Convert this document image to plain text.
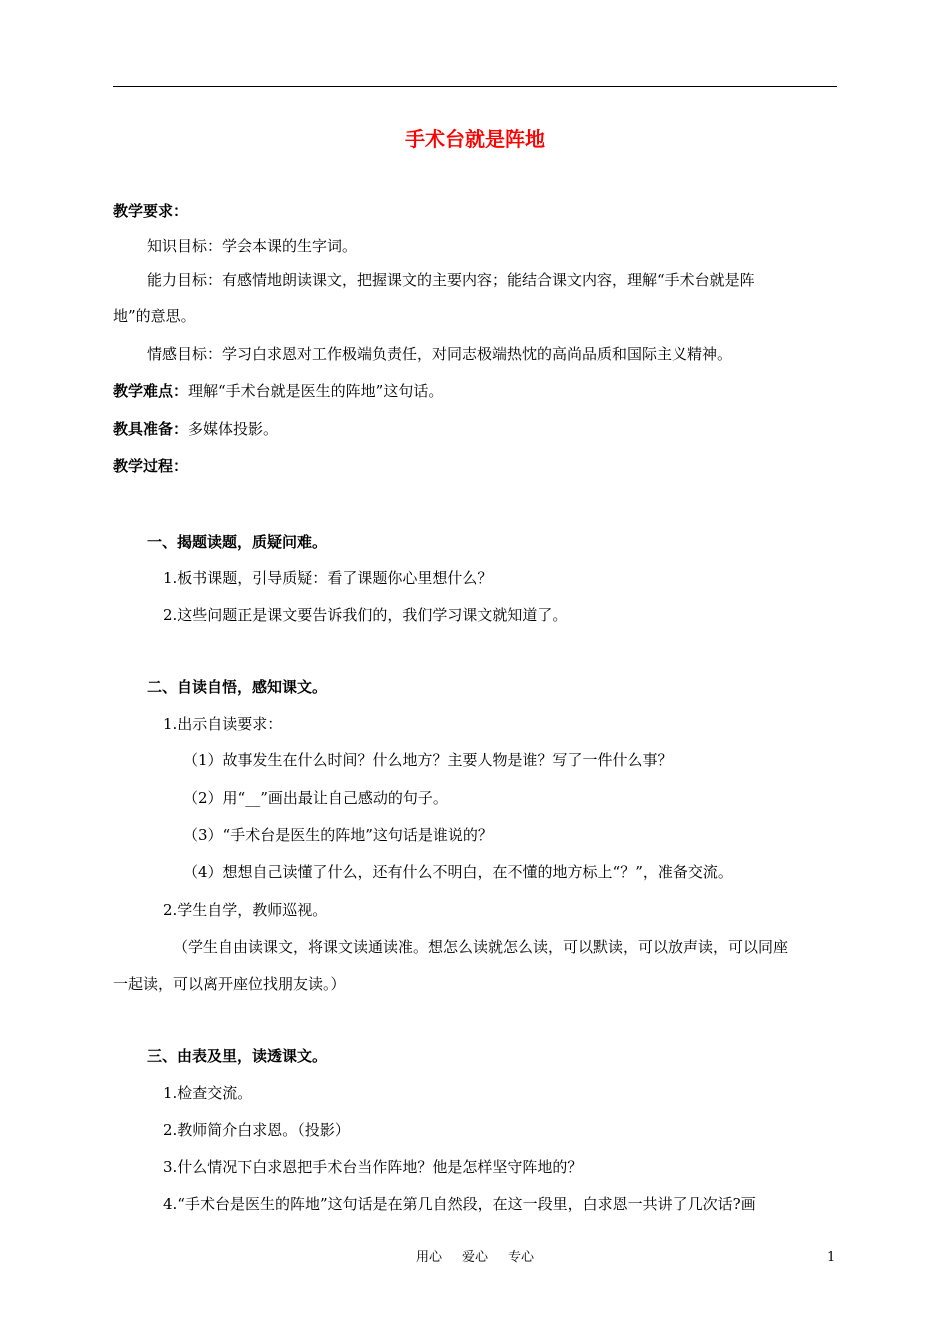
手术台就是阵地
教学要求：
知识目标：学会本课的生字词。
能力目标：有感情地朗读课文，把握课文的主要内容；能结合课文内容，理解“手术台就是阵
地”的意思。
情感目标：学习白求恩对工作极端负责任，对同志极端热忱的高尚品质和国际主义精神。
教学难点：理解“手术台就是医生的阵地”这句话。
教具准备：多媒体投影。
教学过程：
一、揭题读题，质疑问难。
1.板书课题，引导质疑：看了课题你心里想什么？
2.这些问题正是课文要告诉我们的，我们学习课文就知道了。
二、自读自悟，感知课文。
1.出示自读要求：
（1）故事发生在什么时间？什么地方？主要人物是谁？写了一件什么事？
（2）用“__”画出最让自己感动的句子。
（3）“手术台是医生的阵地”这句话是谁说的？
（4）想想自己读懂了什么，还有什么不明白，在不懂的地方标上“？”，准备交流。
2.学生自学，教师巡视。
（学生自由读课文，将课文读通读准。想怎么读就怎么读，可以默读，可以放声读，可以同座
一起读，可以离开座位找朋友读。）
三、由表及里，读透课文。
1.检查交流。
2.教师简介白求恩。（投影）
3.什么情况下白求恩把手术台当作阵地？他是怎样坚守阵地的？
4.“手术台是医生的阵地”这句话是在第几自然段，在这一段里，白求恩一共讲了几次话?画
用心 爱心 专心	1
